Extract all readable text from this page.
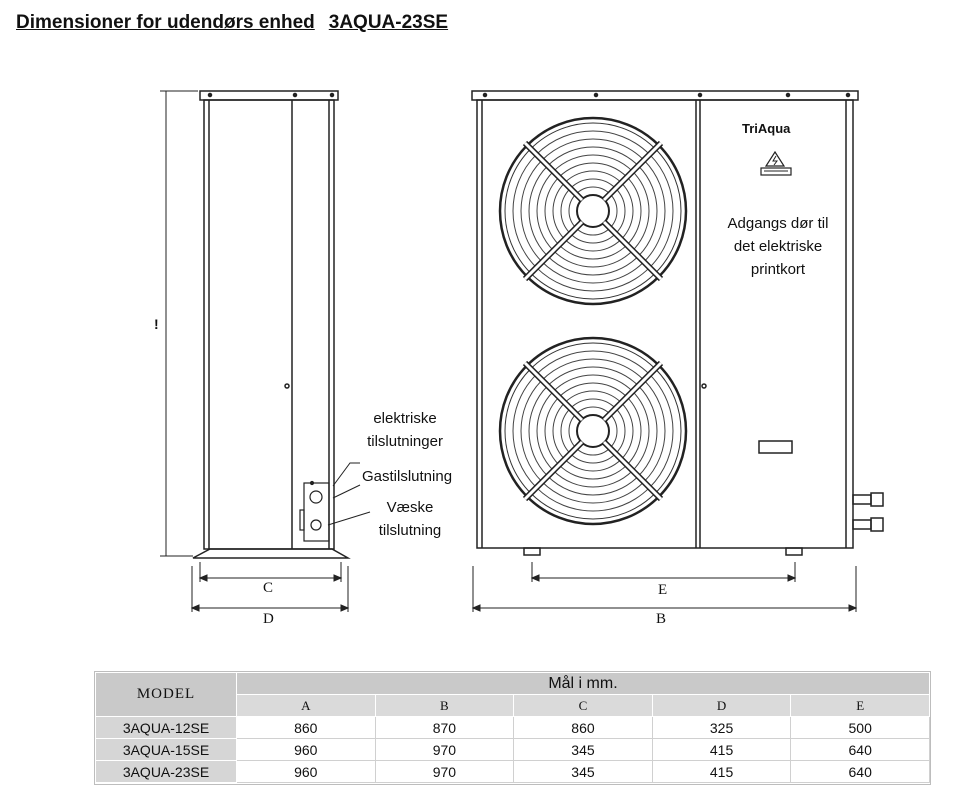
Dimensioner for udendørs enhed 3AQUA-23SE
TriAqua
Adgangs dør til
det elektriske
printkort
elektriske
tilslutninger
Gastilslutning
Væske
tilslutning
!
C
D
E
B
MODEL	Mål i mm.				
	A	B	C	D	E
3AQUA-12SE	860	870	860	325	500
3AQUA-15SE	960	970	345	415	640
3AQUA-23SE	960	970	345	415	640
